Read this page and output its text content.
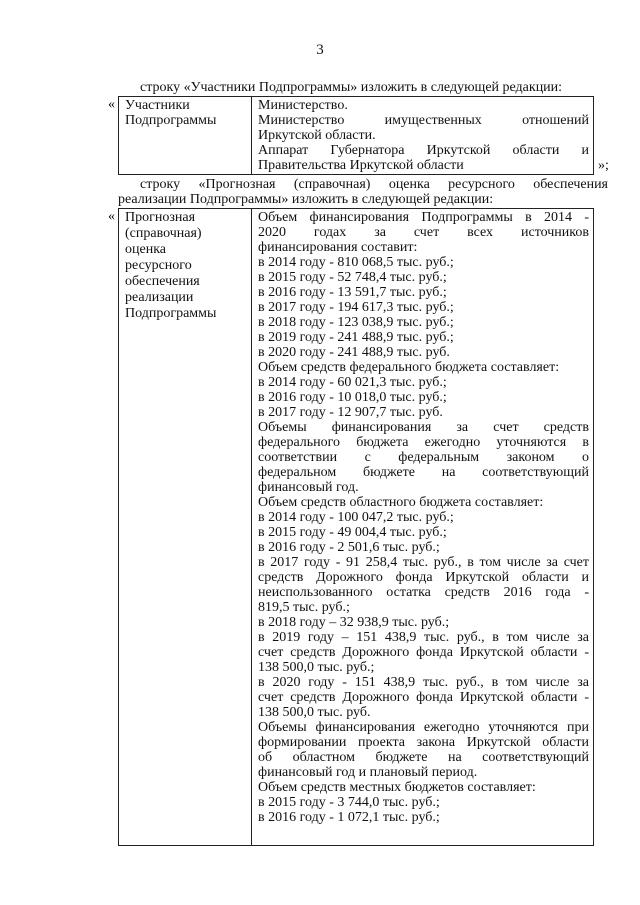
3
строку «Участники Подпрограммы» изложить в следующей редакции:
« Участники
Подпрограммы

Министерство.
Министерство имущественных отношений
Иркутской области.
Аппарат Губернатора Иркутской области и
Правительства Иркутской области	»;
строку «Прогнозная (справочная) оценка ресурсного обеспечения
реализации Подпрограммы» изложить в следующей редакции:
« Прогнозная
(справочная)
оценка
ресурсного
обеспечения
реализации
Подпрограммы

Объем финансирования Подпрограммы в 2014 -
2020 годах за счет всех источников
финансирования составит:
в 2014 году - 810 068,5 тыс. руб.;
в 2015 году - 52 748,4 тыс. руб.;
в 2016 году - 13 591,7 тыс. руб.;
в 2017 году - 194 617,3 тыс. руб.;
в 2018 году - 123 038,9 тыс. руб.;
в 2019 году - 241 488,9 тыс. руб.;
в 2020 году - 241 488,9 тыс. руб.
Объем средств федерального бюджета составляет:
в 2014 году - 60 021,3 тыс. руб.;
в 2016 году - 10 018,0 тыс. руб.;
в 2017 году - 12 907,7 тыс. руб.
Объемы финансирования за счет средств
федерального бюджета ежегодно уточняются в
соответствии с федеральным законом о
федеральном бюджете на соответствующий
финансовый год.
Объем средств областного бюджета составляет:
в 2014 году - 100 047,2 тыс. руб.;
в 2015 году - 49 004,4 тыс. руб.;
в 2016 году - 2 501,6 тыс. руб.;
в 2017 году - 91 258,4 тыс. руб., в том числе за счет
средств Дорожного фонда Иркутской области и
неиспользованного остатка средств 2016 года -
819,5 тыс. руб.;
в 2018 году – 32 938,9 тыс. руб.;
в 2019 году – 151 438,9 тыс. руб., в том числе за
счет средств Дорожного фонда Иркутской области -
138 500,0 тыс. руб.;
в 2020 году - 151 438,9 тыс. руб., в том числе за
счет средств Дорожного фонда Иркутской области -
138 500,0 тыс. руб.
Объемы финансирования ежегодно уточняются при
формировании проекта закона Иркутской области
об областном бюджете на соответствующий
финансовый год и плановый период.
Объем средств местных бюджетов составляет:
в 2015 году - 3 744,0 тыс. руб.;
в 2016 году - 1 072,1 тыс. руб.;
